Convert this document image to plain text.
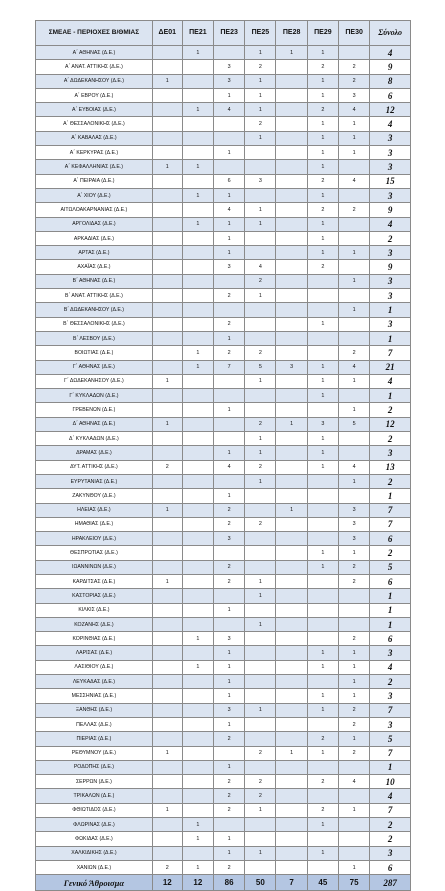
ΣΜΕΑΕ - ΠΕΡΙΟΧΕΣ Β/ΘΜΙΑΣ	ΔΕ01	ΠΕ21	ΠΕ23	ΠΕ25	ΠΕ28	ΠΕ29	ΠΕ30	Σύνολο
Α΄ ΑΘΗΝΑΣ (Δ.Ε.)		1		1	1	1		4
Α΄ ΑΝΑΤ. ΑΤΤΙΚΗΣ (Δ.Ε.)			3	2		2	2	9
Α΄ ΔΩΔΕΚΑΝΗΣΟΥ (Δ.Ε.)	1		3	1		1	2	8
Α΄ ΕΒΡΟΥ (Δ.Ε.)			1	1		1	3	6
Α΄ ΕΥΒΟΙΑΣ (Δ.Ε.)		1	4	1		2	4	12
Α΄ ΘΕΣΣΑΛΟΝΙΚΗΣ (Δ.Ε.)				2		1	1	4
Α΄ ΚΑΒΑΛΑΣ (Δ.Ε.)				1		1	1	3
Α΄ ΚΕΡΚΥΡΑΣ (Δ.Ε.)			1			1	1	3
Α΄ ΚΕΦΑΛΛΗΝΙΑΣ (Δ.Ε.)	1	1				1		3
Α΄ ΠΕΙΡΑΙΑ (Δ.Ε.)			6	3		2	4	15
Α΄ ΧΙΟΥ (Δ.Ε.)		1	1			1		3
ΑΙΤΩΛΟΑΚΑΡΝΑΝΙΑΣ (Δ.Ε.)			4	1		2	2	9
ΑΡΓΟΛΙΔΑΣ (Δ.Ε.)		1	1	1		1		4
ΑΡΚΑΔΙΑΣ (Δ.Ε.)			1			1		2
ΑΡΤΑΣ (Δ.Ε.)			1			1	1	3
ΑΧΑΪΑΣ (Δ.Ε.)			3	4		2		9
Β΄ ΑΘΗΝΑΣ (Δ.Ε.)				2			1	3
Β΄ ΑΝΑΤ. ΑΤΤΙΚΗΣ (Δ.Ε.)			2	1				3
Β΄ ΔΩΔΕΚΑΝΗΣΟΥ (Δ.Ε.)							1	1
Β΄ ΘΕΣΣΑΛΟΝΙΚΗΣ (Δ.Ε.)			2			1		3
Β΄ ΛΕΣΒΟΥ (Δ.Ε.)			1					1
ΒΟΙΩΤΙΑΣ (Δ.Ε.)		1	2	2			2	7
Γ΄ ΑΘΗΝΑΣ (Δ.Ε.)		1	7	5	3	1	4	21
Γ΄ ΔΩΔΕΚΑΝΗΣΟΥ (Δ.Ε.)	1			1		1	1	4
Γ΄ ΚΥΚΛΑΔΩΝ (Δ.Ε.)						1		1
ΓΡΕΒΕΝΩΝ (Δ.Ε.)			1				1	2
Δ΄ ΑΘΗΝΑΣ (Δ.Ε.)	1			2	1	3	5	12
Δ΄ ΚΥΚΛΑΔΩΝ (Δ.Ε.)				1		1		2
ΔΡΑΜΑΣ (Δ.Ε.)			1	1		1		3
ΔΥΤ. ΑΤΤΙΚΗΣ (Δ.Ε.)	2		4	2		1	4	13
ΕΥΡΥΤΑΝΙΑΣ (Δ.Ε.)				1			1	2
ΖΑΚΥΝΘΟΥ (Δ.Ε.)			1					1
ΗΛΕΙΑΣ (Δ.Ε.)	1		2		1		3	7
ΗΜΑΘΙΑΣ (Δ.Ε.)			2	2			3	7
ΗΡΑΚΛΕΙΟΥ (Δ.Ε.)			3				3	6
ΘΕΣΠΡΩΤΙΑΣ (Δ.Ε.)						1	1	2
ΙΩΑΝΝΙΝΩΝ (Δ.Ε.)			2			1	2	5
ΚΑΡΔΙΤΣΑΣ (Δ.Ε.)	1		2	1			2	6
ΚΑΣΤΟΡΙΑΣ (Δ.Ε.)				1				1
ΚΙΛΚΙΣ (Δ.Ε.)			1					1
ΚΟΖΑΝΗΣ (Δ.Ε.)				1				1
ΚΟΡΙΝΘΙΑΣ (Δ.Ε.)		1	3				2	6
ΛΑΡΙΣΑΣ (Δ.Ε.)			1			1	1	3
ΛΑΣΙΘΙΟΥ (Δ.Ε.)		1	1			1	1	4
ΛΕΥΚΑΔΑΣ (Δ.Ε.)			1				1	2
ΜΕΣΣΗΝΙΑΣ (Δ.Ε.)			1			1	1	3
ΞΑΝΘΗΣ (Δ.Ε.)			3	1		1	2	7
ΠΕΛΛΑΣ (Δ.Ε.)			1				2	3
ΠΙΕΡΙΑΣ (Δ.Ε.)			2			2	1	5
ΡΕΘΥΜΝΟΥ (Δ.Ε.)	1			2	1	1	2	7
ΡΟΔΟΠΗΣ (Δ.Ε.)			1					1
ΣΕΡΡΩΝ (Δ.Ε.)			2	2		2	4	10
ΤΡΙΚΑΛΩΝ (Δ.Ε.)			2	2				4
ΦΘΙΩΤΙΔΟΣ (Δ.Ε.)	1		2	1		2	1	7
ΦΛΩΡΙΝΑΣ (Δ.Ε.)		1				1		2
ΦΩΚΙΔΑΣ (Δ.Ε.)		1	1					2
ΧΑΛΚΙΔΙΚΗΣ (Δ.Ε.)			1	1		1		3
ΧΑΝΙΩΝ (Δ.Ε.)	2	1	2				1	6
Γενικό Άθροισμα	12	12	86	50	7	45	75	287
